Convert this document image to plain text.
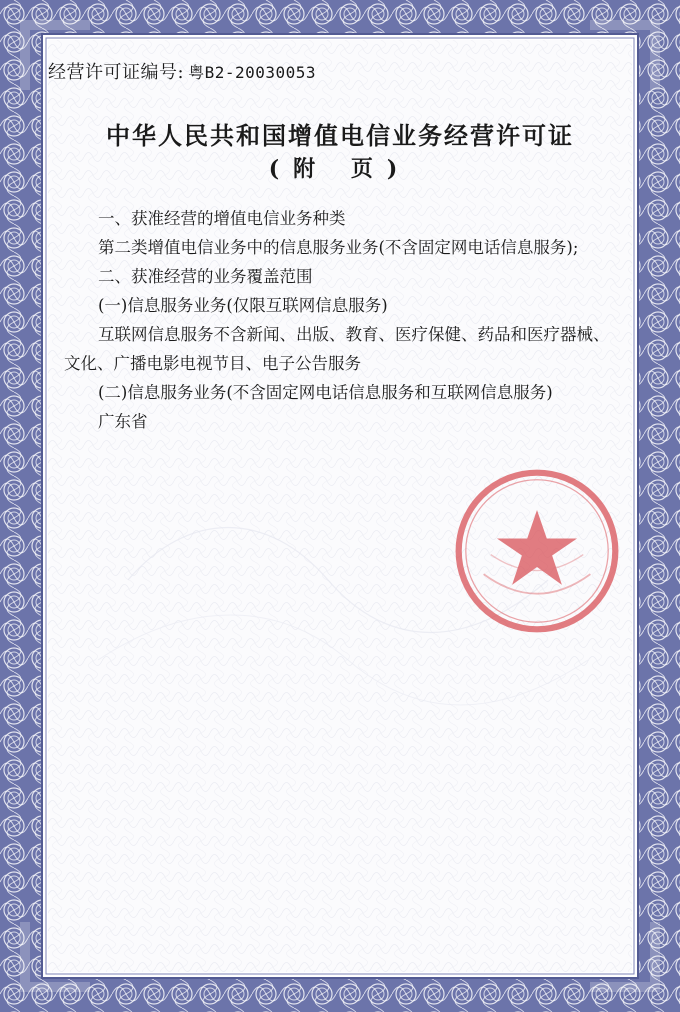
经营许可证编号: 粤B2-20030053
中华人民共和国增值电信业务经营许可证
(附 页)

一、获准经营的增值电信业务种类

第二类增值电信业务中的信息服务业务(不含固定网电话信息服务);

二、获准经营的业务覆盖范围

(一)信息服务业务(仅限互联网信息服务)

互联网信息服务不含新闻、出版、教育、医疗保健、药品和医疗器械、文化、广播电影电视节目、电子公告服务

(二)信息服务业务(不含固定网电话信息服务和互联网信息服务)

广东省
